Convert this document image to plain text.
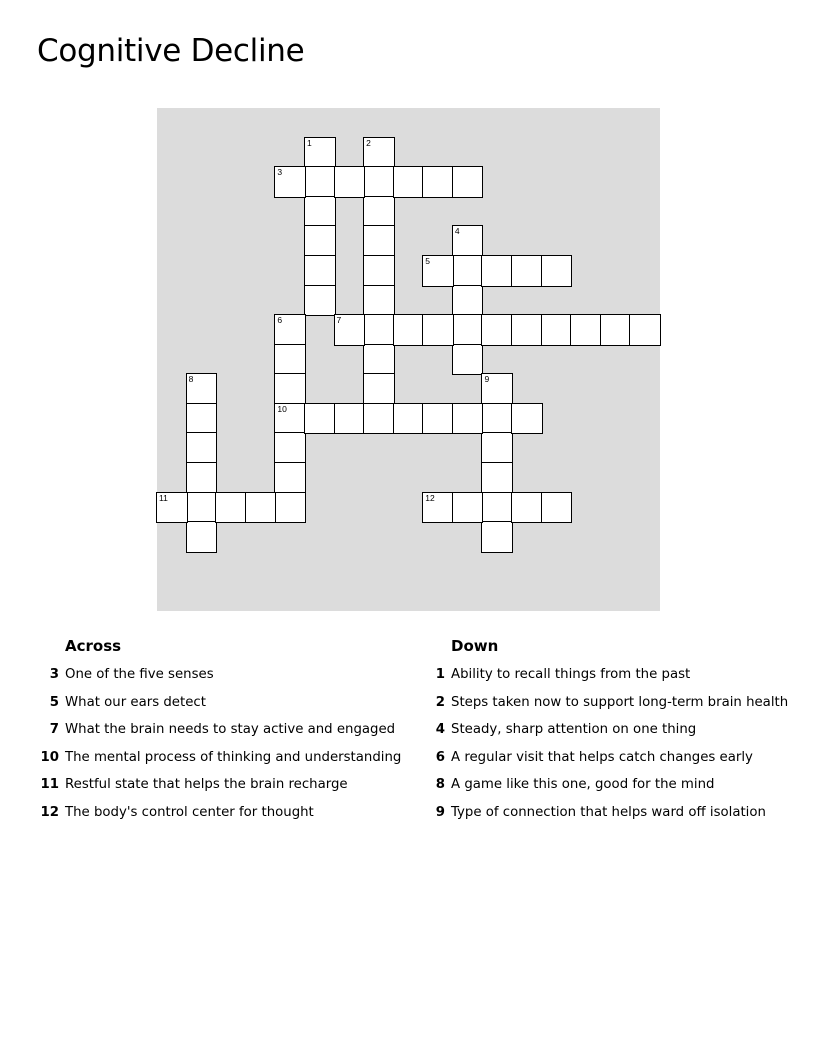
Cognitive Decline
1	2
3
4
5
6
10
7
8	9
11	12
Across
3 One of the five senses
5 What our ears detect
7 What the brain needs to stay active and engaged
10 The mental process of thinking and understanding
11 Restful state that helps the brain recharge
12 The body's control center for thought
Down
1 Ability to recall things from the past
2 Steps taken now to support long-term brain health
4 Steady, sharp attention on one thing
6 A regular visit that helps catch changes early
8 A game like this one, good for the mind
9 Type of connection that helps ward off isolation
